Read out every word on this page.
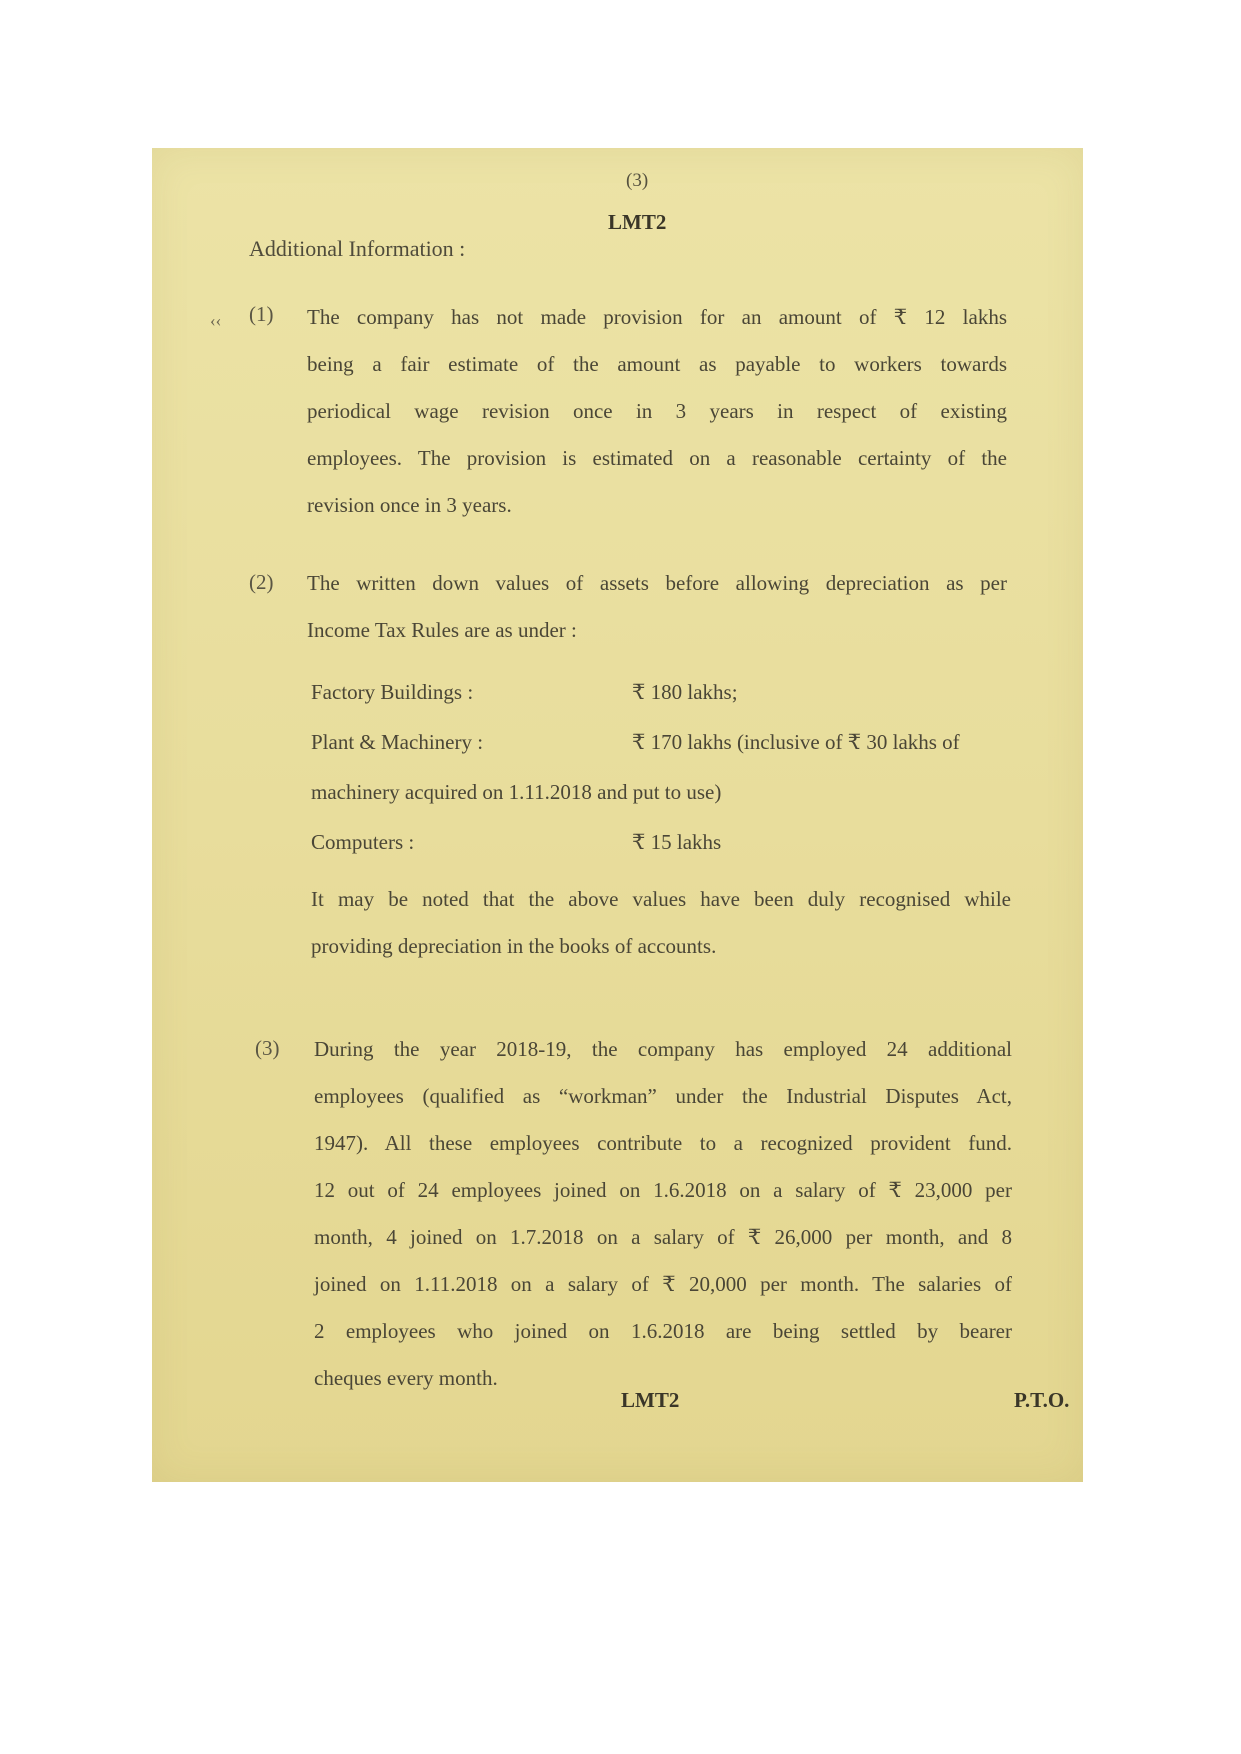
(3)
LMT2
Additional Information :
‹‹ (1) The company has not made provision for an amount of ₹ 12 lakhs
being a fair estimate of the amount as payable to workers towards
periodical wage revision once in 3 years in respect of existing
employees. The provision is estimated on a reasonable certainty of the
revision once in 3 years.
(2) The written down values of assets before allowing depreciation as per
Income Tax Rules are as under :
Factory Buildings :	₹ 180 lakhs;
Plant & Machinery :	₹ 170 lakhs (inclusive of ₹ 30 lakhs of
machinery acquired on 1.11.2018 and put to use)
Computers :	₹ 15 lakhs
It may be noted that the above values have been duly recognised while
providing depreciation in the books of accounts.
(3) During the year 2018-19, the company has employed 24 additional
employees (qualified as “workman” under the Industrial Disputes Act,
1947). All these employees contribute to a recognized provident fund.
12 out of 24 employees joined on 1.6.2018 on a salary of ₹ 23,000 per
month, 4 joined on 1.7.2018 on a salary of ₹ 26,000 per month, and 8
joined on 1.11.2018 on a salary of ₹ 20,000 per month. The salaries of
2 employees who joined on 1.6.2018 are being settled by bearer
cheques every month.
LMT2	P.T.O.
